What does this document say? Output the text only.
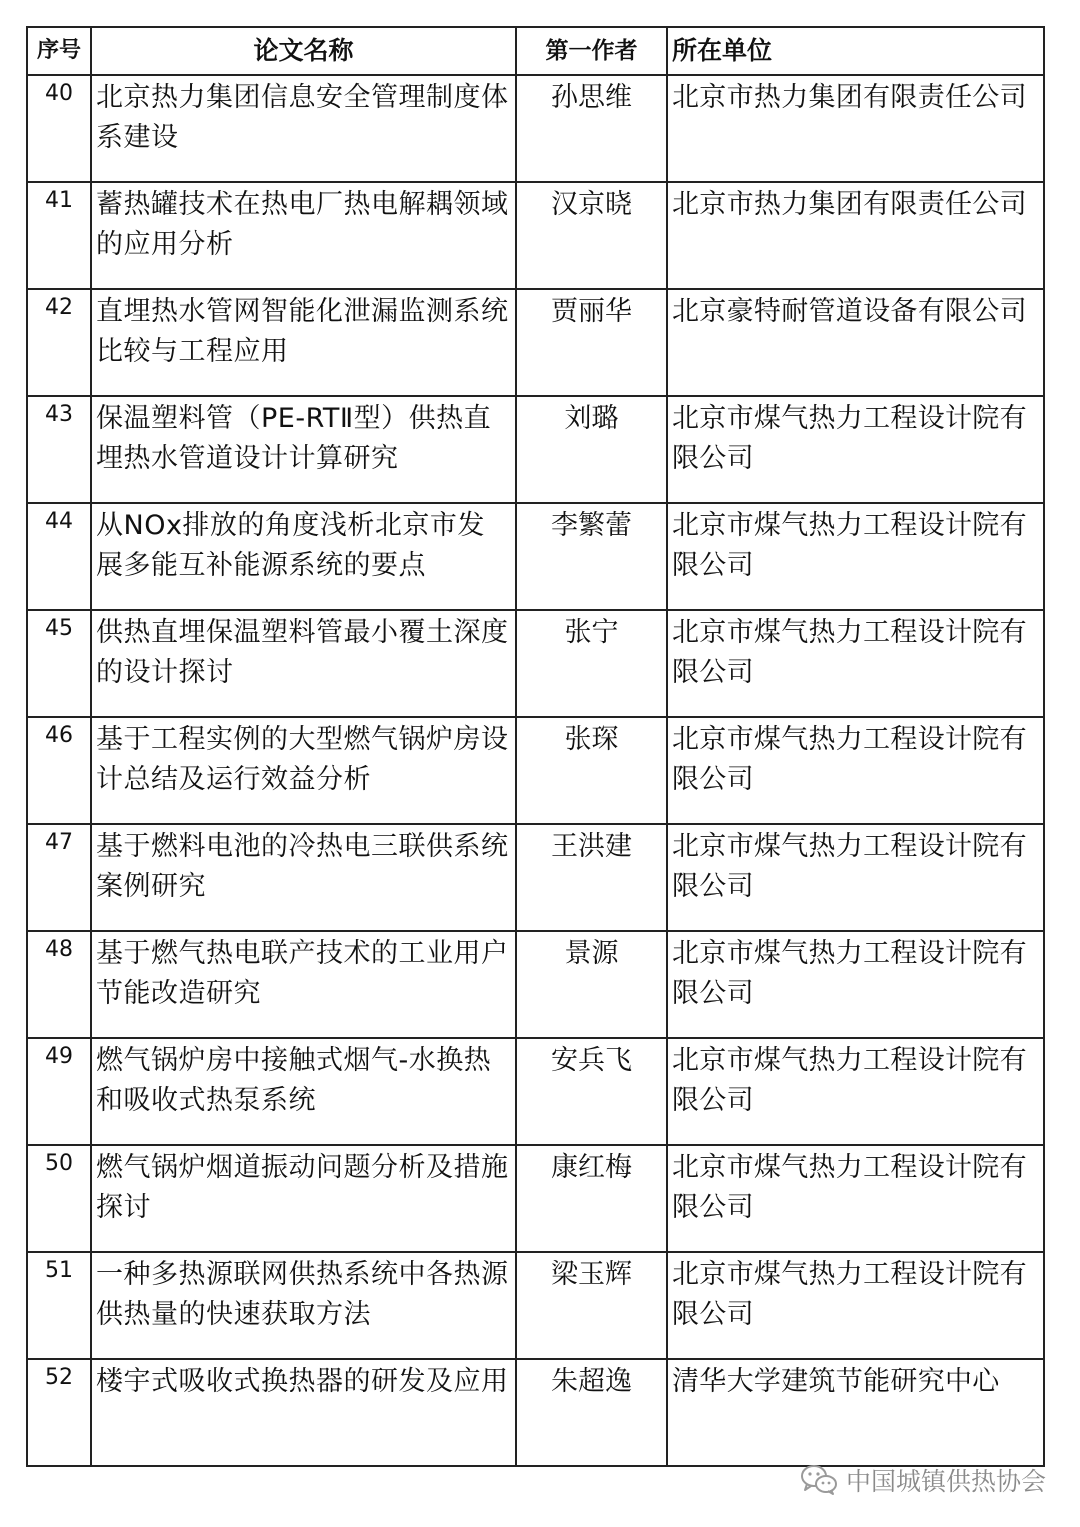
序号	论文名称	第一作者	所在单位
40	北京热力集团信息安全管理制度体系建设	孙思维	北京市热力集团有限责任公司
41	蓄热罐技术在热电厂热电解耦领域的应用分析	汉京晓	北京市热力集团有限责任公司
42	直埋热水管网智能化泄漏监测系统比较与工程应用	贾丽华	北京豪特耐管道设备有限公司
43	保温塑料管（PE-RTⅡ型）供热直埋热水管道设计计算研究	刘璐	北京市煤气热力工程设计院有限公司
44	从NOx排放的角度浅析北京市发展多能互补能源系统的要点	李繁蕾	北京市煤气热力工程设计院有限公司
45	供热直埋保温塑料管最小覆土深度的设计探讨	张宁	北京市煤气热力工程设计院有限公司
46	基于工程实例的大型燃气锅炉房设计总结及运行效益分析	张琛	北京市煤气热力工程设计院有限公司
47	基于燃料电池的冷热电三联供系统案例研究	王洪建	北京市煤气热力工程设计院有限公司
48	基于燃气热电联产技术的工业用户节能改造研究	景源	北京市煤气热力工程设计院有限公司
49	燃气锅炉房中接触式烟气-水换热和吸收式热泵系统	安兵飞	北京市煤气热力工程设计院有限公司
50	燃气锅炉烟道振动问题分析及措施探讨	康红梅	北京市煤气热力工程设计院有限公司
51	一种多热源联网供热系统中各热源供热量的快速获取方法	梁玉辉	北京市煤气热力工程设计院有限公司
52	楼宇式吸收式换热器的研发及应用	朱超逸	清华大学建筑节能研究中心
中国城镇供热协会
